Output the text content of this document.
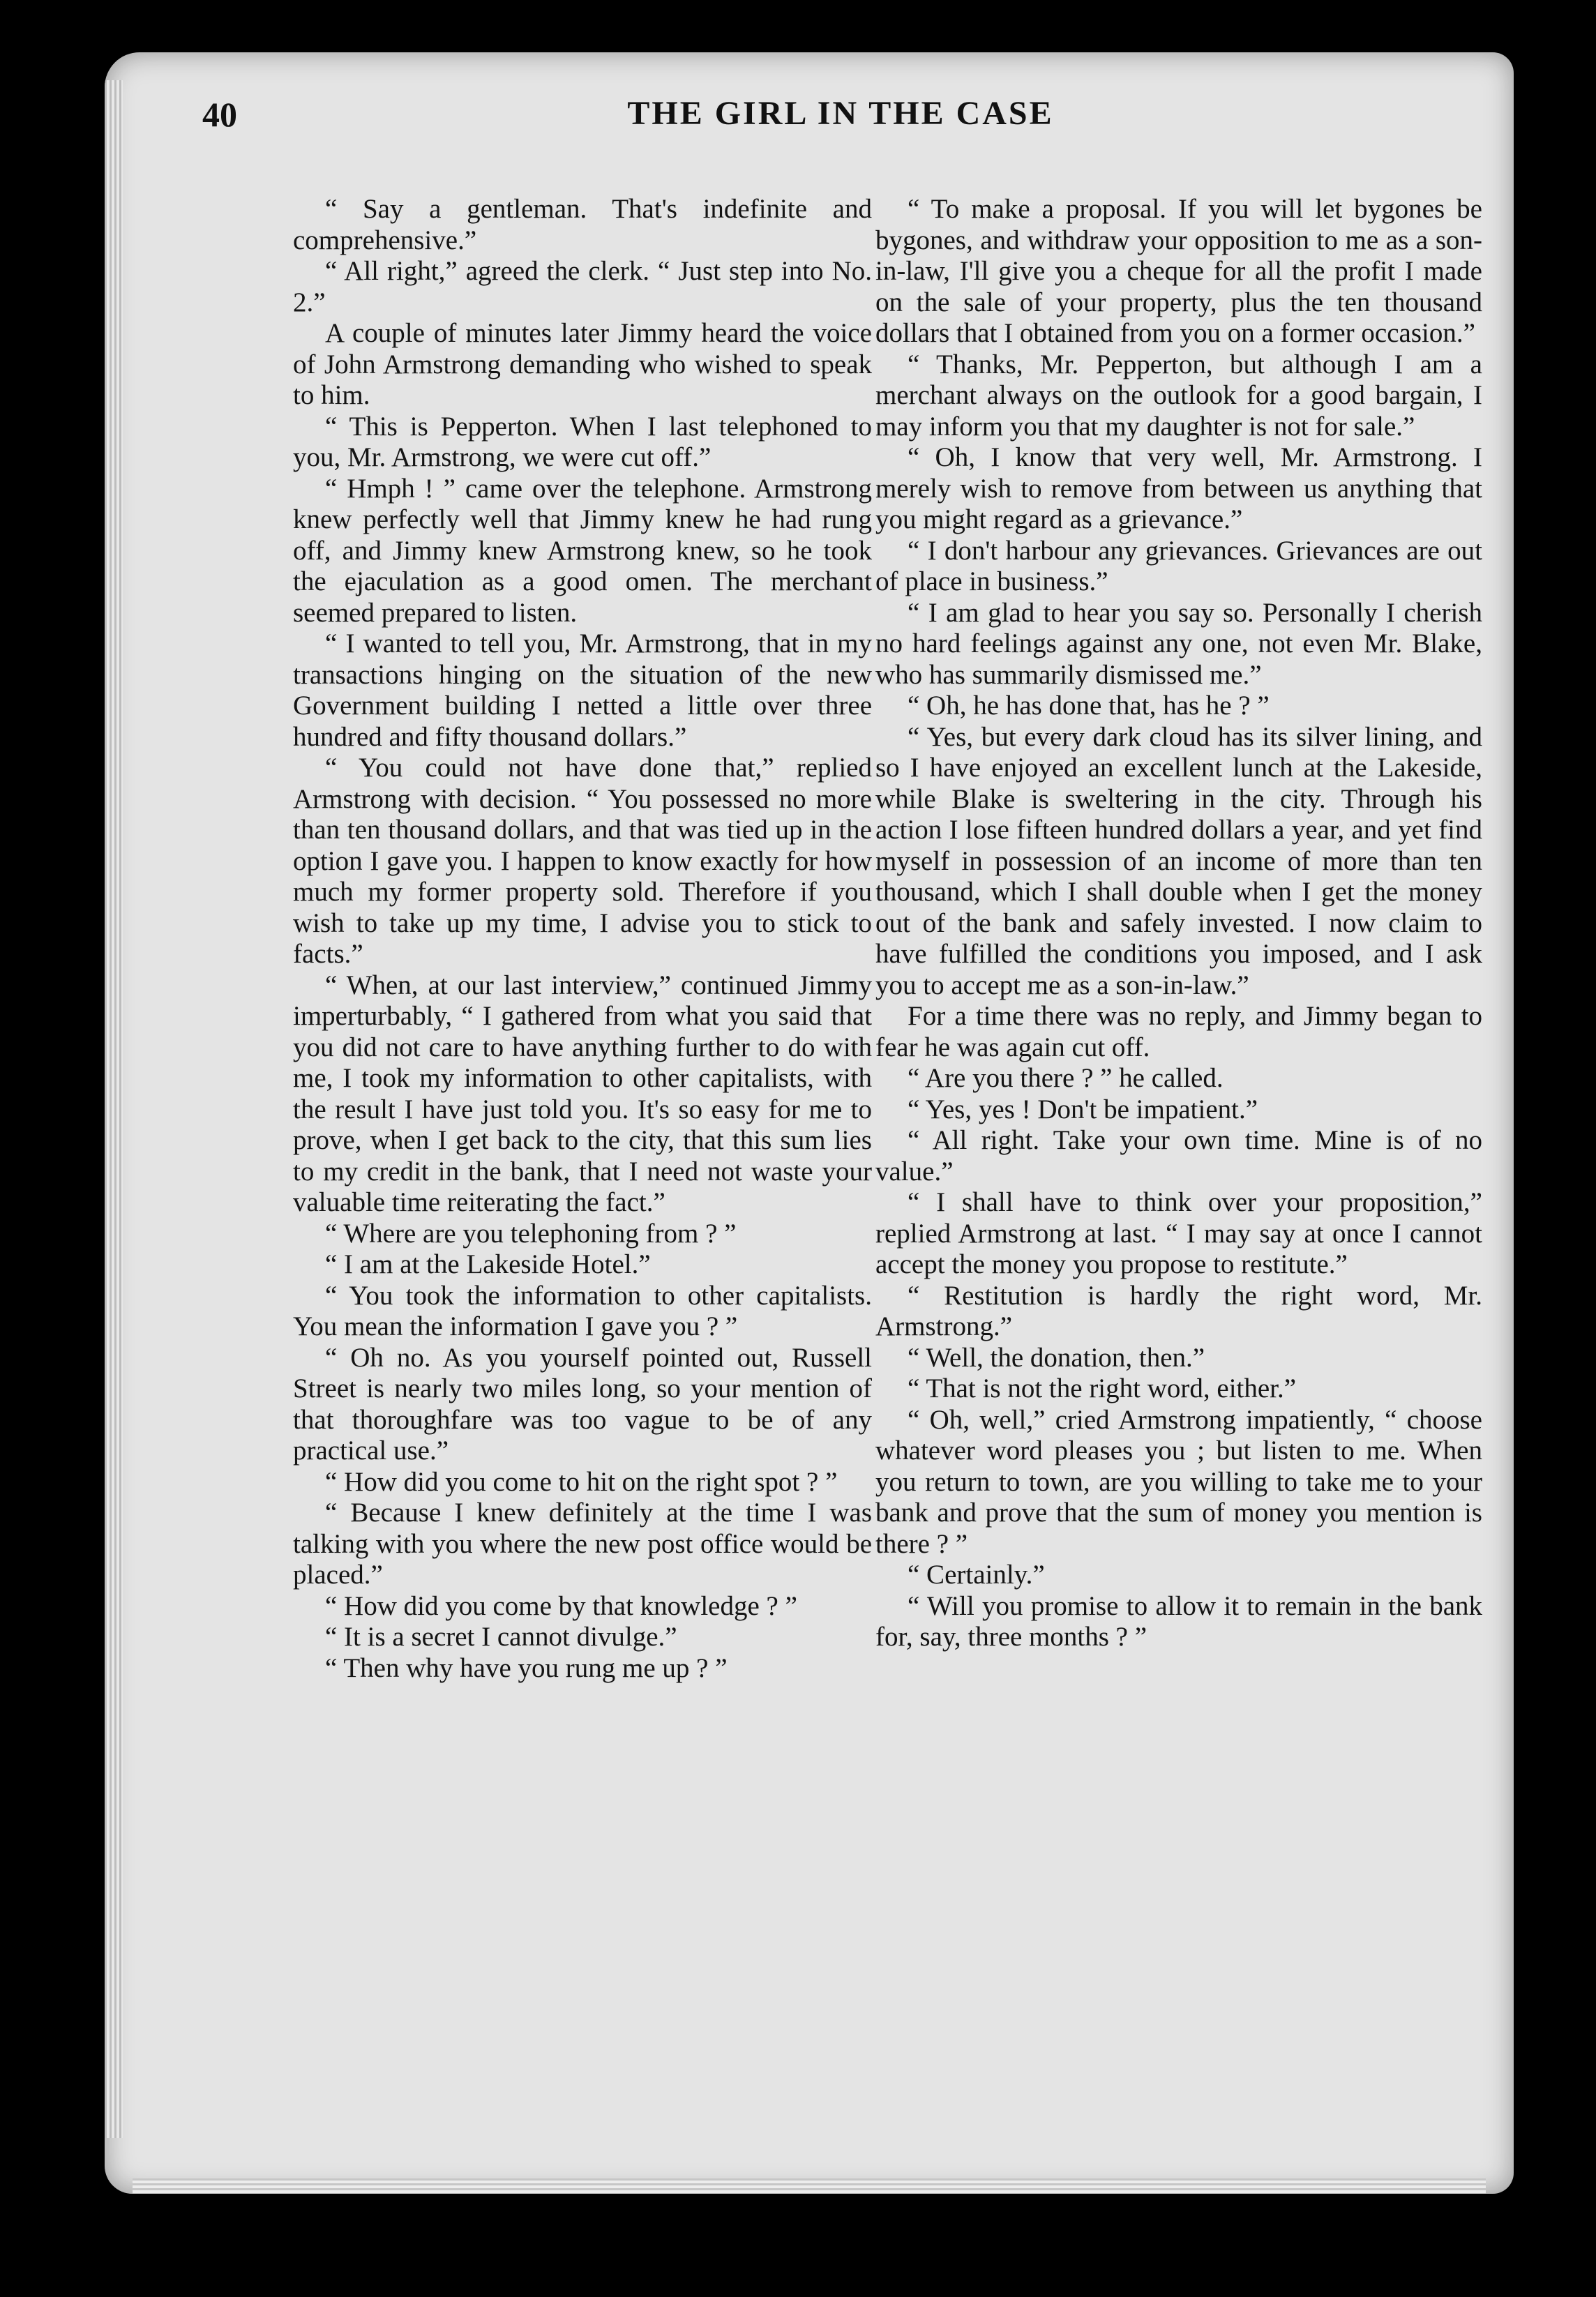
40	THE GIRL IN THE CASE

“ Say a gentleman. That's indefinite and comprehensive.”

“ All right,” agreed the clerk. “ Just step into No. 2.”

A couple of minutes later Jimmy heard the voice of John Armstrong demanding who wished to speak to him.

“ This is Pepperton. When I last telephoned to you, Mr. Armstrong, we were cut off.”

“ Hmph ! ” came over the telephone. Armstrong knew perfectly well that Jimmy knew he had rung off, and Jimmy knew Armstrong knew, so he took the ejaculation as a good omen. The merchant seemed prepared to listen.

“ I wanted to tell you, Mr. Armstrong, that in my transactions hinging on the situation of the new Government building I netted a little over three hundred and fifty thousand dollars.”

“ You could not have done that,” replied Armstrong with decision. “ You possessed no more than ten thousand dollars, and that was tied up in the option I gave you. I happen to know exactly for how much my former property sold. Therefore if you wish to take up my time, I advise you to stick to facts.”

“ When, at our last interview,” continued Jimmy imperturbably, “ I gathered from what you said that you did not care to have anything further to do with me, I took my information to other capitalists, with the result I have just told you. It's so easy for me to prove, when I get back to the city, that this sum lies to my credit in the bank, that I need not waste your valuable time reiterating the fact.”

“ Where are you telephoning from ? ”

“ I am at the Lakeside Hotel.”

“ You took the information to other capitalists. You mean the information I gave you ? ”

“ Oh no. As you yourself pointed out, Russell Street is nearly two miles long, so your mention of that thoroughfare was too vague to be of any practical use.”

“ How did you come to hit on the right spot ? ”

“ Because I knew definitely at the time I was talking with you where the new post office would be placed.”

“ How did you come by that knowledge ? ”

“ It is a secret I cannot divulge.”

“ Then why have you rung me up ? ”

“ To make a proposal. If you will let bygones be bygones, and withdraw your opposition to me as a son-in-law, I'll give you a cheque for all the profit I made on the sale of your property, plus the ten thousand dollars that I obtained from you on a former occasion.”

“ Thanks, Mr. Pepperton, but although I am a merchant always on the outlook for a good bargain, I may inform you that my daughter is not for sale.”

“ Oh, I know that very well, Mr. Armstrong. I merely wish to remove from between us anything that you might regard as a grievance.”

“ I don't harbour any grievances. Grievances are out of place in business.”

“ I am glad to hear you say so. Personally I cherish no hard feelings against any one, not even Mr. Blake, who has summarily dismissed me.”

“ Oh, he has done that, has he ? ”

“ Yes, but every dark cloud has its silver lining, and so I have enjoyed an excellent lunch at the Lakeside, while Blake is sweltering in the city. Through his action I lose fifteen hundred dollars a year, and yet find myself in possession of an income of more than ten thousand, which I shall double when I get the money out of the bank and safely invested. I now claim to have fulfilled the conditions you imposed, and I ask you to accept me as a son-in-law.”

For a time there was no reply, and Jimmy began to fear he was again cut off.

“ Are you there ? ” he called.

“ Yes, yes ! Don't be impatient.”

“ All right. Take your own time. Mine is of no value.”

“ I shall have to think over your proposition,” replied Armstrong at last. “ I may say at once I cannot accept the money you propose to restitute.”

“ Restitution is hardly the right word, Mr. Armstrong.”

“ Well, the donation, then.”

“ That is not the right word, either.”

“ Oh, well,” cried Armstrong impatiently, “ choose whatever word pleases you ; but listen to me. When you return to town, are you willing to take me to your bank and prove that the sum of money you mention is there ? ”

“ Certainly.”

“ Will you promise to allow it to remain in the bank for, say, three months ? ”
